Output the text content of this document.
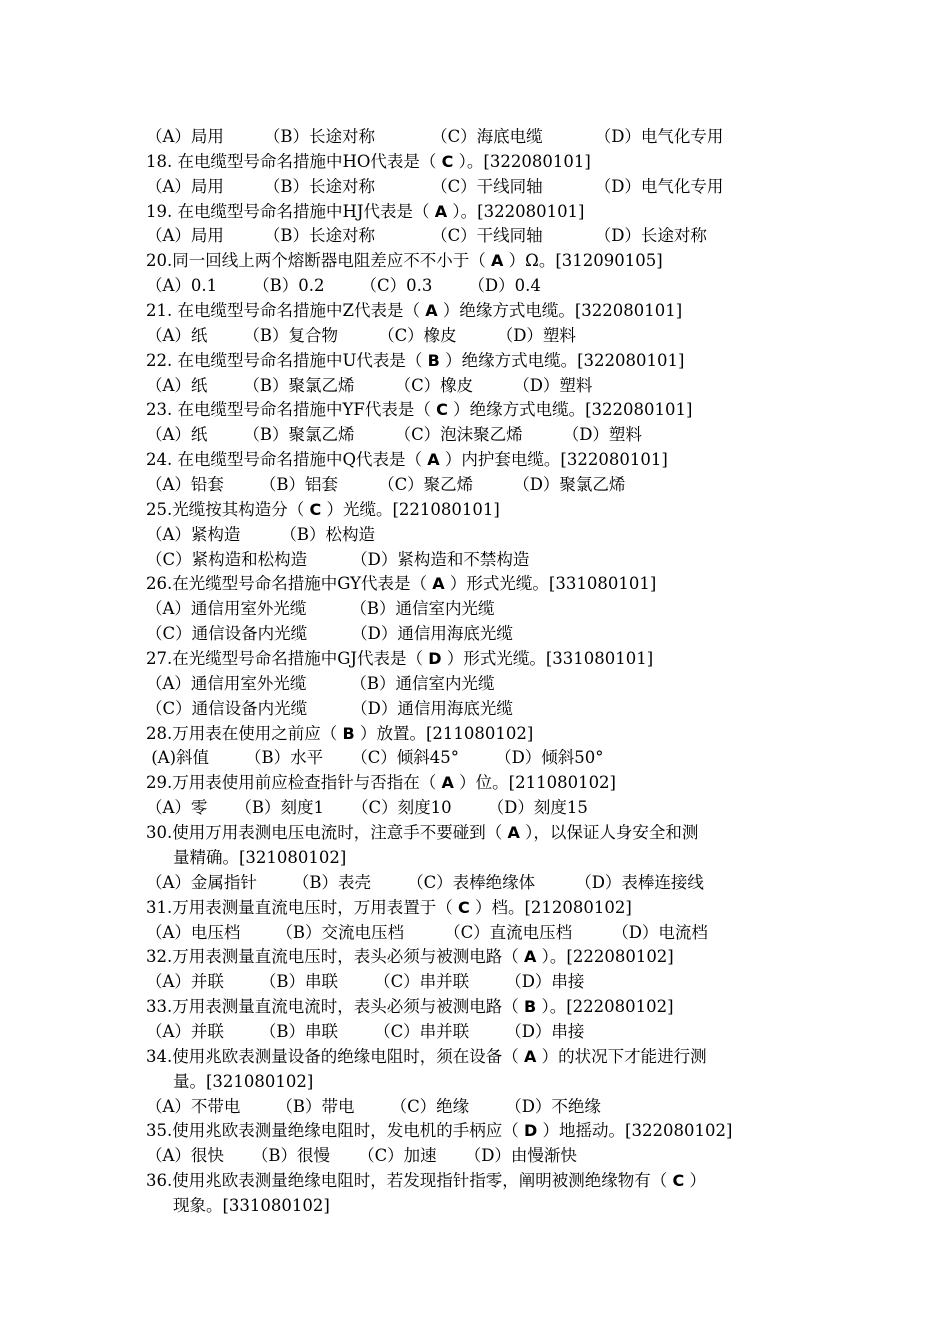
（A）局用 （B）长途对称	（C）海底电缆	（D）电气化专用
18. 在电缆型号命名措施中HO代表是（ C ）。[322080101]
（A）局用 （B）长途对称	（C）干线同轴	（D）电气化专用
19. 在电缆型号命名措施中HJ代表是（ A ）。[322080101]
（A）局用 （B）长途对称	（C）干线同轴	（D）长途对称
20.同一回线上两个熔断器电阻差应不不小于（ A ）Ω。[312090105]
（A）0.1 （B）0.2 （C）0.3 （D）0.4
21. 在电缆型号命名措施中Z代表是（ A ）绝缘方式电缆。[322080101]
（A）纸 （B）复合物 （C）橡皮 （D）塑料
22. 在电缆型号命名措施中U代表是（ B ）绝缘方式电缆。[322080101]
（A）纸 （B）聚氯乙烯 （C）橡皮 （D）塑料
23. 在电缆型号命名措施中YF代表是（ C ）绝缘方式电缆。[322080101]
（A）纸 （B）聚氯乙烯 （C）泡沫聚乙烯 （D）塑料
24. 在电缆型号命名措施中Q代表是（ A ）内护套电缆。[322080101]
（A）铅套 （B）铝套 （C）聚乙烯 （D）聚氯乙烯
25.光缆按其构造分（ C ）光缆。[221080101]
（A）紧构造 （B）松构造
（C）紧构造和松构造	（D）紧构造和不禁构造
26.在光缆型号命名措施中GY代表是（ A ）形式光缆。[331080101]
（A）通信用室外光缆	（B）通信室内光缆
（C）通信设备内光缆	（D）通信用海底光缆
27.在光缆型号命名措施中GJ代表是（ D ）形式光缆。[331080101]
（A）通信用室外光缆	（B）通信室内光缆
（C）通信设备内光缆	（D）通信用海底光缆
28.万用表在使用之前应（ B ）放置。[211080102]
(A)斜值 （B）水平 （C）倾斜45° （D）倾斜50°
29.万用表使用前应检查指针与否指在（ A ）位。[211080102]
（A）零 （B）刻度1 （C）刻度10 （D）刻度15
30.使用万用表测电压电流时，注意手不要碰到（ A ），以保证人身安全和测
量精确。[321080102]
（A）金属指针 （B）表壳 （C）表棒绝缘体 （D）表棒连接线
31.万用表测量直流电压时，万用表置于（ C ）档。[212080102]
（A）电压档 （B）交流电压档 （C）直流电压档 （D）电流档
32.万用表测量直流电压时，表头必须与被测电路（ A ）。[222080102]
（A）并联 （B）串联 （C）串并联 （D）串接
33.万用表测量直流电流时，表头必须与被测电路（ B ）。[222080102]
（A）并联 （B）串联 （C）串并联 （D）串接
34.使用兆欧表测量设备的绝缘电阻时，须在设备（ A ）的状况下才能进行测
量。[321080102]
（A）不带电 （B）带电 （C）绝缘 （D）不绝缘
35.使用兆欧表测量绝缘电阻时，发电机的手柄应（ D ）地摇动。[322080102]
（A）很快 （B）很慢 （C）加速 （D）由慢渐快
36.使用兆欧表测量绝缘电阻时，若发现指针指零，阐明被测绝缘物有（ C ）
现象。[331080102]
